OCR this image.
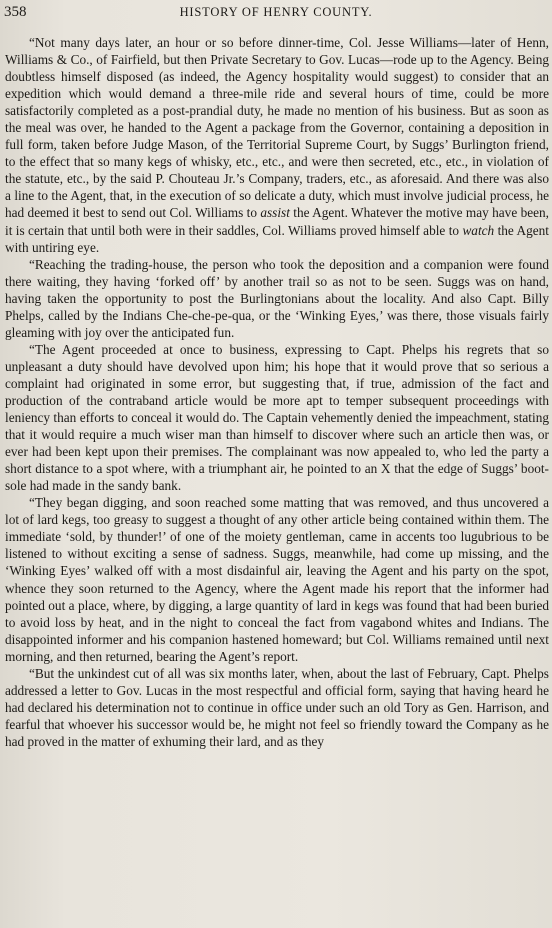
358	HISTORY OF HENRY COUNTY.

“Not many days later, an hour or so before dinner-time, Col. Jesse Williams—later of Henn, Williams & Co., of Fairfield, but then Private Secretary to Gov. Lucas—rode up to the Agency. Being doubtless himself disposed (as indeed, the Agency hospitality would suggest) to consider that an expedition which would demand a three-mile ride and several hours of time, could be more satisfactorily completed as a post-prandial duty, he made no mention of his business. But as soon as the meal was over, he handed to the Agent a package from the Governor, containing a deposition in full form, taken before Judge Mason, of the Territorial Supreme Court, by Suggs’ Burlington friend, to the effect that so many kegs of whisky, etc., etc., and were then secreted, etc., etc., in violation of the statute, etc., by the said P. Chouteau Jr.’s Company, traders, etc., as aforesaid. And there was also a line to the Agent, that, in the execution of so delicate a duty, which must involve judicial process, he had deemed it best to send out Col. Williams to assist the Agent. Whatever the motive may have been, it is certain that until both were in their saddles, Col. Williams proved himself able to watch the Agent with untiring eye.

“Reaching the trading-house, the person who took the deposition and a companion were found there waiting, they having ‘forked off’ by another trail so as not to be seen. Suggs was on hand, having taken the opportunity to post the Burlingtonians about the locality. And also Capt. Billy Phelps, called by the Indians Che-che-pe-qua, or the ‘Winking Eyes,’ was there, those visuals fairly gleaming with joy over the anticipated fun.

“The Agent proceeded at once to business, expressing to Capt. Phelps his regrets that so unpleasant a duty should have devolved upon him; his hope that it would prove that so serious a complaint had originated in some error, but suggesting that, if true, admission of the fact and production of the contraband article would be more apt to temper subsequent proceedings with leniency than efforts to conceal it would do. The Captain vehemently denied the impeachment, stating that it would require a much wiser man than himself to discover where such an article then was, or ever had been kept upon their premises. The complainant was now appealed to, who led the party a short distance to a spot where, with a triumphant air, he pointed to an X that the edge of Suggs’ boot-sole had made in the sandy bank.

“They began digging, and soon reached some matting that was removed, and thus uncovered a lot of lard kegs, too greasy to suggest a thought of any other article being contained within them. The immediate ‘sold, by thunder!’ of one of the moiety gentleman, came in accents too lugubrious to be listened to without exciting a sense of sadness. Suggs, meanwhile, had come up missing, and the ‘Winking Eyes’ walked off with a most disdainful air, leaving the Agent and his party on the spot, whence they soon returned to the Agency, where the Agent made his report that the informer had pointed out a place, where, by digging, a large quantity of lard in kegs was found that had been buried to avoid loss by heat, and in the night to conceal the fact from vagabond whites and Indians. The disappointed informer and his companion hastened homeward; but Col. Williams remained until next morning, and then returned, bearing the Agent’s report.

“But the unkindest cut of all was six months later, when, about the last of February, Capt. Phelps addressed a letter to Gov. Lucas in the most respectful and official form, saying that having heard he had declared his determination not to continue in office under such an old Tory as Gen. Harrison, and fearful that whoever his successor would be, he might not feel so friendly toward the Company as he had proved in the matter of exhuming their lard, and as they
